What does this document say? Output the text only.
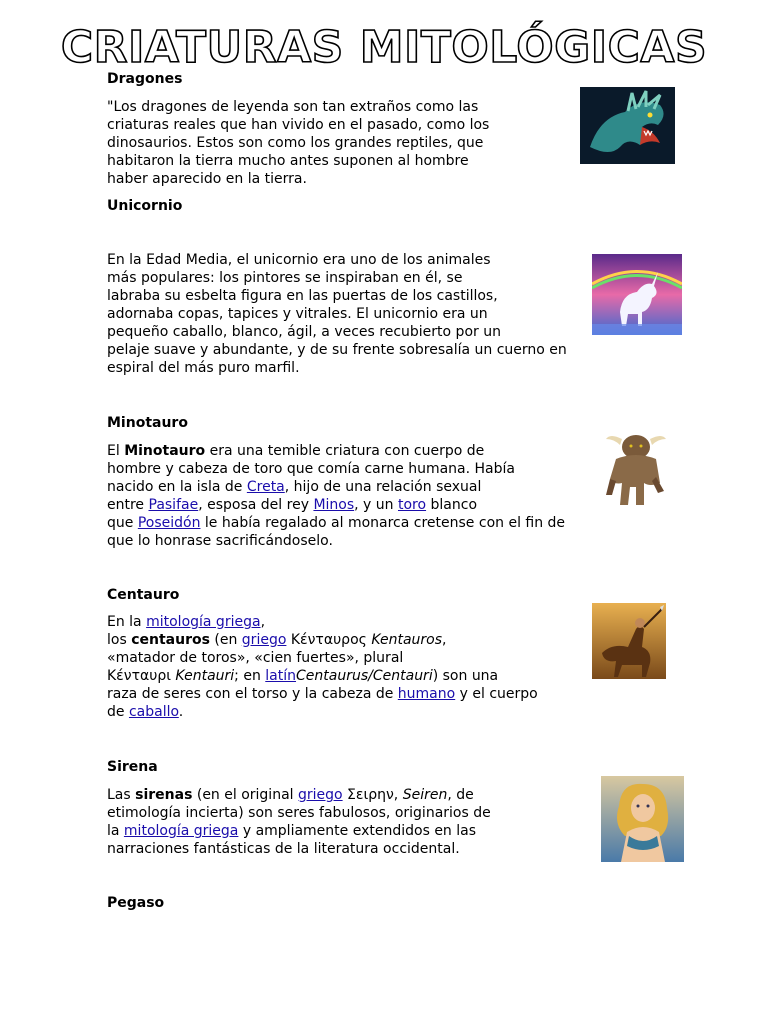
CRIATURAS MITOLÓGICAS
Dragones
"Los dragones de leyenda son tan extraños como las
criaturas reales que han vivido en el pasado, como los
dinosaurios. Estos son como los grandes reptiles, que
habitaron la tierra mucho antes suponen al hombre
haber aparecido en la tierra.
Unicornio
En la Edad Media, el unicornio era uno de los animales
más populares: los pintores se inspiraban en él, se
labraba su esbelta figura en las puertas de los castillos,
adornaba copas, tapices y vitrales. El unicornio era un
pequeño caballo, blanco, ágil, a veces recubierto por un
pelaje suave y abundante, y de su frente sobresalía un cuerno en
espiral del más puro marfil.
Minotauro
El Minotauro era una temible criatura con cuerpo de
hombre y cabeza de toro que comía carne humana. Había
nacido en la isla de Creta, hijo de una relación sexual
entre Pasifae, esposa del rey Minos, y un toro blanco
que Poseidón le había regalado al monarca cretense con el fin de
que lo honrase sacrificándoselo.
Centauro
En la mitología griega,
los centauros (en griego Κένταυρος Kentauros,
«matador de toros», «cien fuertes», plural
Κένταυρι Kentauri; en latínCentaurus/Centauri) son una
raza de seres con el torso y la cabeza de humano y el cuerpo
de caballo.
Sirena
Las sirenas (en el original griego Σειρην, Seiren, de
etimología incierta) son seres fabulosos, originarios de
la mitología griega y ampliamente extendidos en las
narraciones fantásticas de la literatura occidental.
Pegaso
